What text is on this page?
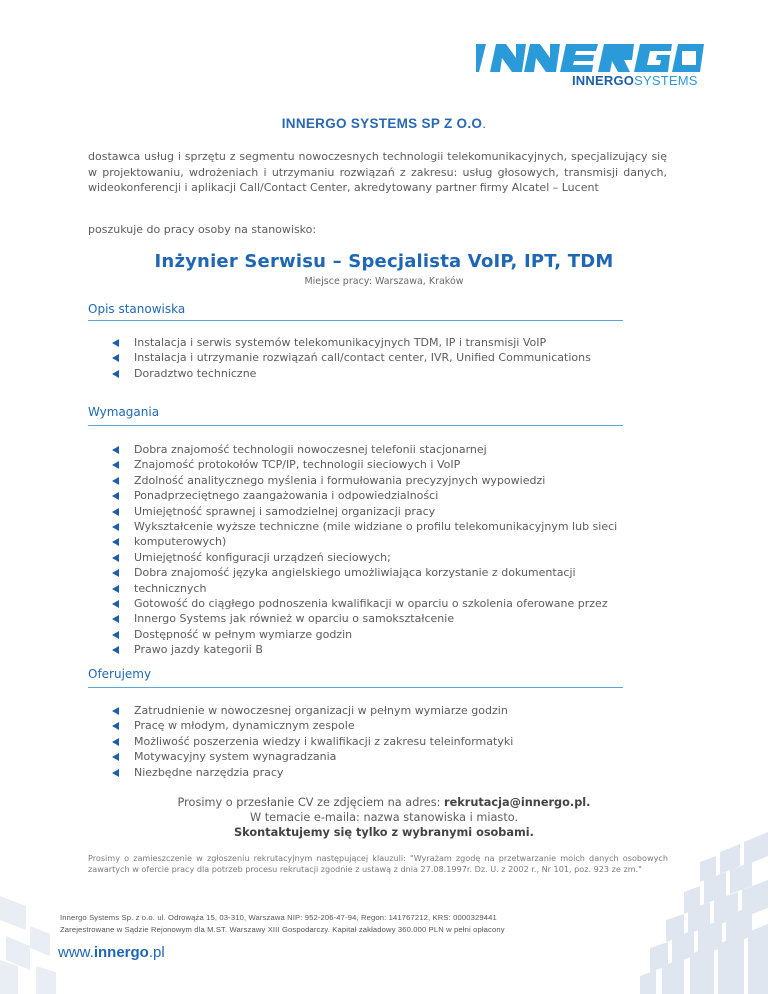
INNERGOSYSTEMS
INNERGO SYSTEMS SP Z O.O.
dostawca usług i sprzętu z segmentu nowoczesnych technologii telekomunikacyjnych, specjalizujący się w projektowaniu, wdrożeniach i utrzymaniu rozwiązań z zakresu: usług głosowych, transmisji danych, wideokonferencji i aplikacji Call/Contact Center, akredytowany partner firmy Alcatel – Lucent
poszukuje do pracy osoby na stanowisko:
Inżynier Serwisu – Specjalista VoIP, IPT, TDM
Miejsce pracy: Warszawa, Kraków
Opis stanowiska
Instalacja i serwis systemów telekomunikacyjnych TDM, IP i transmisji VoIP
Instalacja i utrzymanie rozwiązań call/contact center, IVR, Unified Communications
Doradztwo techniczne
Wymagania
Dobra znajomość technologii nowoczesnej telefonii stacjonarnej
Znajomość protokołów TCP/IP, technologii sieciowych i VoIP
Zdolność analitycznego myślenia i formułowania precyzyjnych wypowiedzi
Ponadprzeciętnego zaangażowania i odpowiedzialności
Umiejętność sprawnej i samodzielnej organizacji pracy
Wykształcenie wyższe techniczne (mile widziane o profilu telekomunikacyjnym lub sieci
komputerowych)
Umiejętność konfiguracji urządzeń sieciowych;
Dobra znajomość języka angielskiego umożliwiająca korzystanie z dokumentacji
technicznych
Gotowość do ciągłego podnoszenia kwalifikacji w oparciu o szkolenia oferowane przez
Innergo Systems jak również w oparciu o samokształcenie
Dostępność w pełnym wymiarze godzin
Prawo jazdy kategorii B
Oferujemy
Zatrudnienie w nowoczesnej organizacji w pełnym wymiarze godzin
Pracę w młodym, dynamicznym zespole
Możliwość poszerzenia wiedzy i kwalifikacji z zakresu teleinformatyki
Motywacyjny system wynagradzania
Niezbędne narzędzia pracy
Prosimy o przesłanie CV ze zdjęciem na adres: rekrutacja@innergo.pl.
W temacie e-maila: nazwa stanowiska i miasto.
Skontaktujemy się tylko z wybranymi osobami.
Prosimy o zamieszczenie w zgłoszeniu rekrutacyjnym następującej klauzuli: "Wyrażam zgodę na przetwarzanie moich danych osobowych zawartych w ofercie pracy dla potrzeb procesu rekrutacji zgodnie z ustawą z dnia 27.08.1997r. Dz. U. z 2002 r., Nr 101, poz. 923 ze zm."
Innergo Systems Sp. z o.o. ul. Odrowąża 15, 03-310, Warszawa NIP: 952-206-47-94, Regon: 141767212, KRS: 0000329441
Zarejestrowane w Sądzie Rejonowym dla M.ST. Warszawy XIII Gospodarczy. Kapitał zakładowy 360.000 PLN w pełni opłacony
www.innergo.pl
